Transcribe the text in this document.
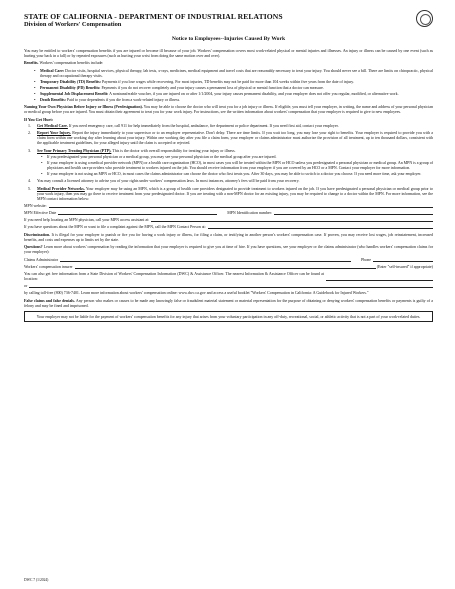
STATE OF CALIFORNIA - DEPARTMENT OF INDUSTRIAL RELATIONS
Division of Workers' Compensation
Notice to Employees--Injuries Caused By Work

You may be entitled to workers' compensation benefits if you are injured or become ill because of your job. Workers' compensation covers most work-related physical or mental injuries and illnesses. An injury or illness can be caused by one event (such as hurting your back in a fall) or by repeated exposures (such as hurting your wrist from doing the same motion over and over).

Benefits. Workers' compensation benefits include:

• Medical Care: Doctor visits, hospital services, physical therapy, lab tests, x-rays, medicines, medical equipment and travel costs that are reasonably necessary to treat your injury. You should never see a bill. There are limits on chiropractic, physical therapy and occupational therapy visits.
• Temporary Disability (TD) Benefits: Payments if you lose wages while recovering. For most injuries, TD benefits may not be paid for more than 104 weeks within five years from the date of injury.
• Permanent Disability (PD) Benefits: Payments if you do not recover completely and your injury causes a permanent loss of physical or mental function that a doctor can measure.
• Supplemental Job Displacement Benefit: A nontransferable voucher, if you are injured on or after 1/1/2004, your injury causes permanent disability, and your employer does not offer you regular, modified, or alternative work.
• Death Benefits: Paid to your dependents if you die from a work-related injury or illness.

Naming Your Own Physician Before Injury or Illness (Predesignation). You may be able to choose the doctor who will treat you for a job injury or illness. If eligible, you must tell your employer, in writing, the name and address of your personal physician or medical group before you are injured. You must obtain their agreement to treat you for your work injury. For instructions, see the written information about workers' compensation that your employer is required to give to new employees.

If You Get Hurt:
1. Get Medical Care. If you need emergency care, call 911 for help immediately from the hospital, ambulance, fire department or police department. If you need first aid, contact your employer.
2. Report Your Injury. Report the injury immediately to your supervisor or to an employer representative. Don't delay. There are time limits. If you wait too long, you may lose your right to benefits. Your employer is required to provide you with a claim form within one working day after learning about your injury. Within one working day after you file a claim form, your employer or claims administrator must authorize the provision of all treatment, up to ten thousand dollars, consistent with the applicable treatment guidelines, for your alleged injury until the claim is accepted or rejected.
3. See Your Primary Treating Physician (PTP). This is the doctor with overall responsibility for treating your injury or illness.
• If you predesignated your personal physician or a medical group, you may see your personal physician or the medical group after you are injured.
• If your employer is using a medical provider network (MPN) or a health care organization (HCO), in most cases you will be treated within the MPN or HCO unless you predesignated a personal physician or medical group. An MPN is a group of physicians and health care providers who provide treatment to workers injured on the job. You should receive information from your employer if you are covered by an HCO or a MPN. Contact your employer for more information.
• If your employer is not using an MPN or HCO, in most cases the claims administrator can choose the doctor who first treats you. After 30 days, you may be able to switch to a doctor you choose. If you need more time, ask your employer.
4. You may consult a licensed attorney to advise you of your rights under workers' compensation laws. In most instances, attorney's fees will be paid from your recovery.
5. Medical Provider Networks. Your employer may be using an MPN, which is a group of health care providers designated to provide treatment to workers injured on the job. If you have predesignated a personal physician or medical group prior to your work injury, then you may go there to receive treatment from your predesignated doctor. If you are treating with a non-MPN doctor for an existing injury, you may be required to change to a doctor within the MPN. For more information, see the MPN contact information below:
MPN website:
MPN Effective Date	MPN Identification number:
If you need help locating an MPN physician, call your MPN access assistant at:
If you have questions about the MPN or want to file a complaint against the MPN, call the MPN Contact Person at:

Discrimination. It is illegal for your employer to punish or fire you for having a work injury or illness, for filing a claim, or testifying in another person's workers' compensation case. If proven, you may receive lost wages, job reinstatement, increased benefits, and costs and expenses up to limits set by the state.

Questions? Learn more about workers' compensation by reading the information that your employer is required to give you at time of hire. If you have questions, see your employer or the claims administrator (who handles workers' compensation claims for your employer):

Claims Administrator	Phone
Workers' compensation insurer	(Enter "self-insured" if appropriate)
You can also get free information from a State Division of Workers' Compensation Information (DWC) & Assistance Officer. The nearest Information & Assistance Officer can be found at location:
or

by calling toll-free (800) 736-7401. Learn more information about workers' compensation online: www.dwc.ca.gov and access a useful booklet "Workers' Compensation in California: A Guidebook for Injured Workers."

False claims and false denials. Any person who makes or causes to be made any knowingly false or fraudulent material statement or material representation for the purpose of obtaining or denying workers' compensation benefits or payments is guilty of a felony and may be fined and imprisoned.

Your employer may not be liable for the payment of workers' compensation benefits for any injury that arises from your voluntary participation in any off-duty, recreational, social, or athletic activity that is not a part of your work-related duties.

DWC 7 (1/2024)
